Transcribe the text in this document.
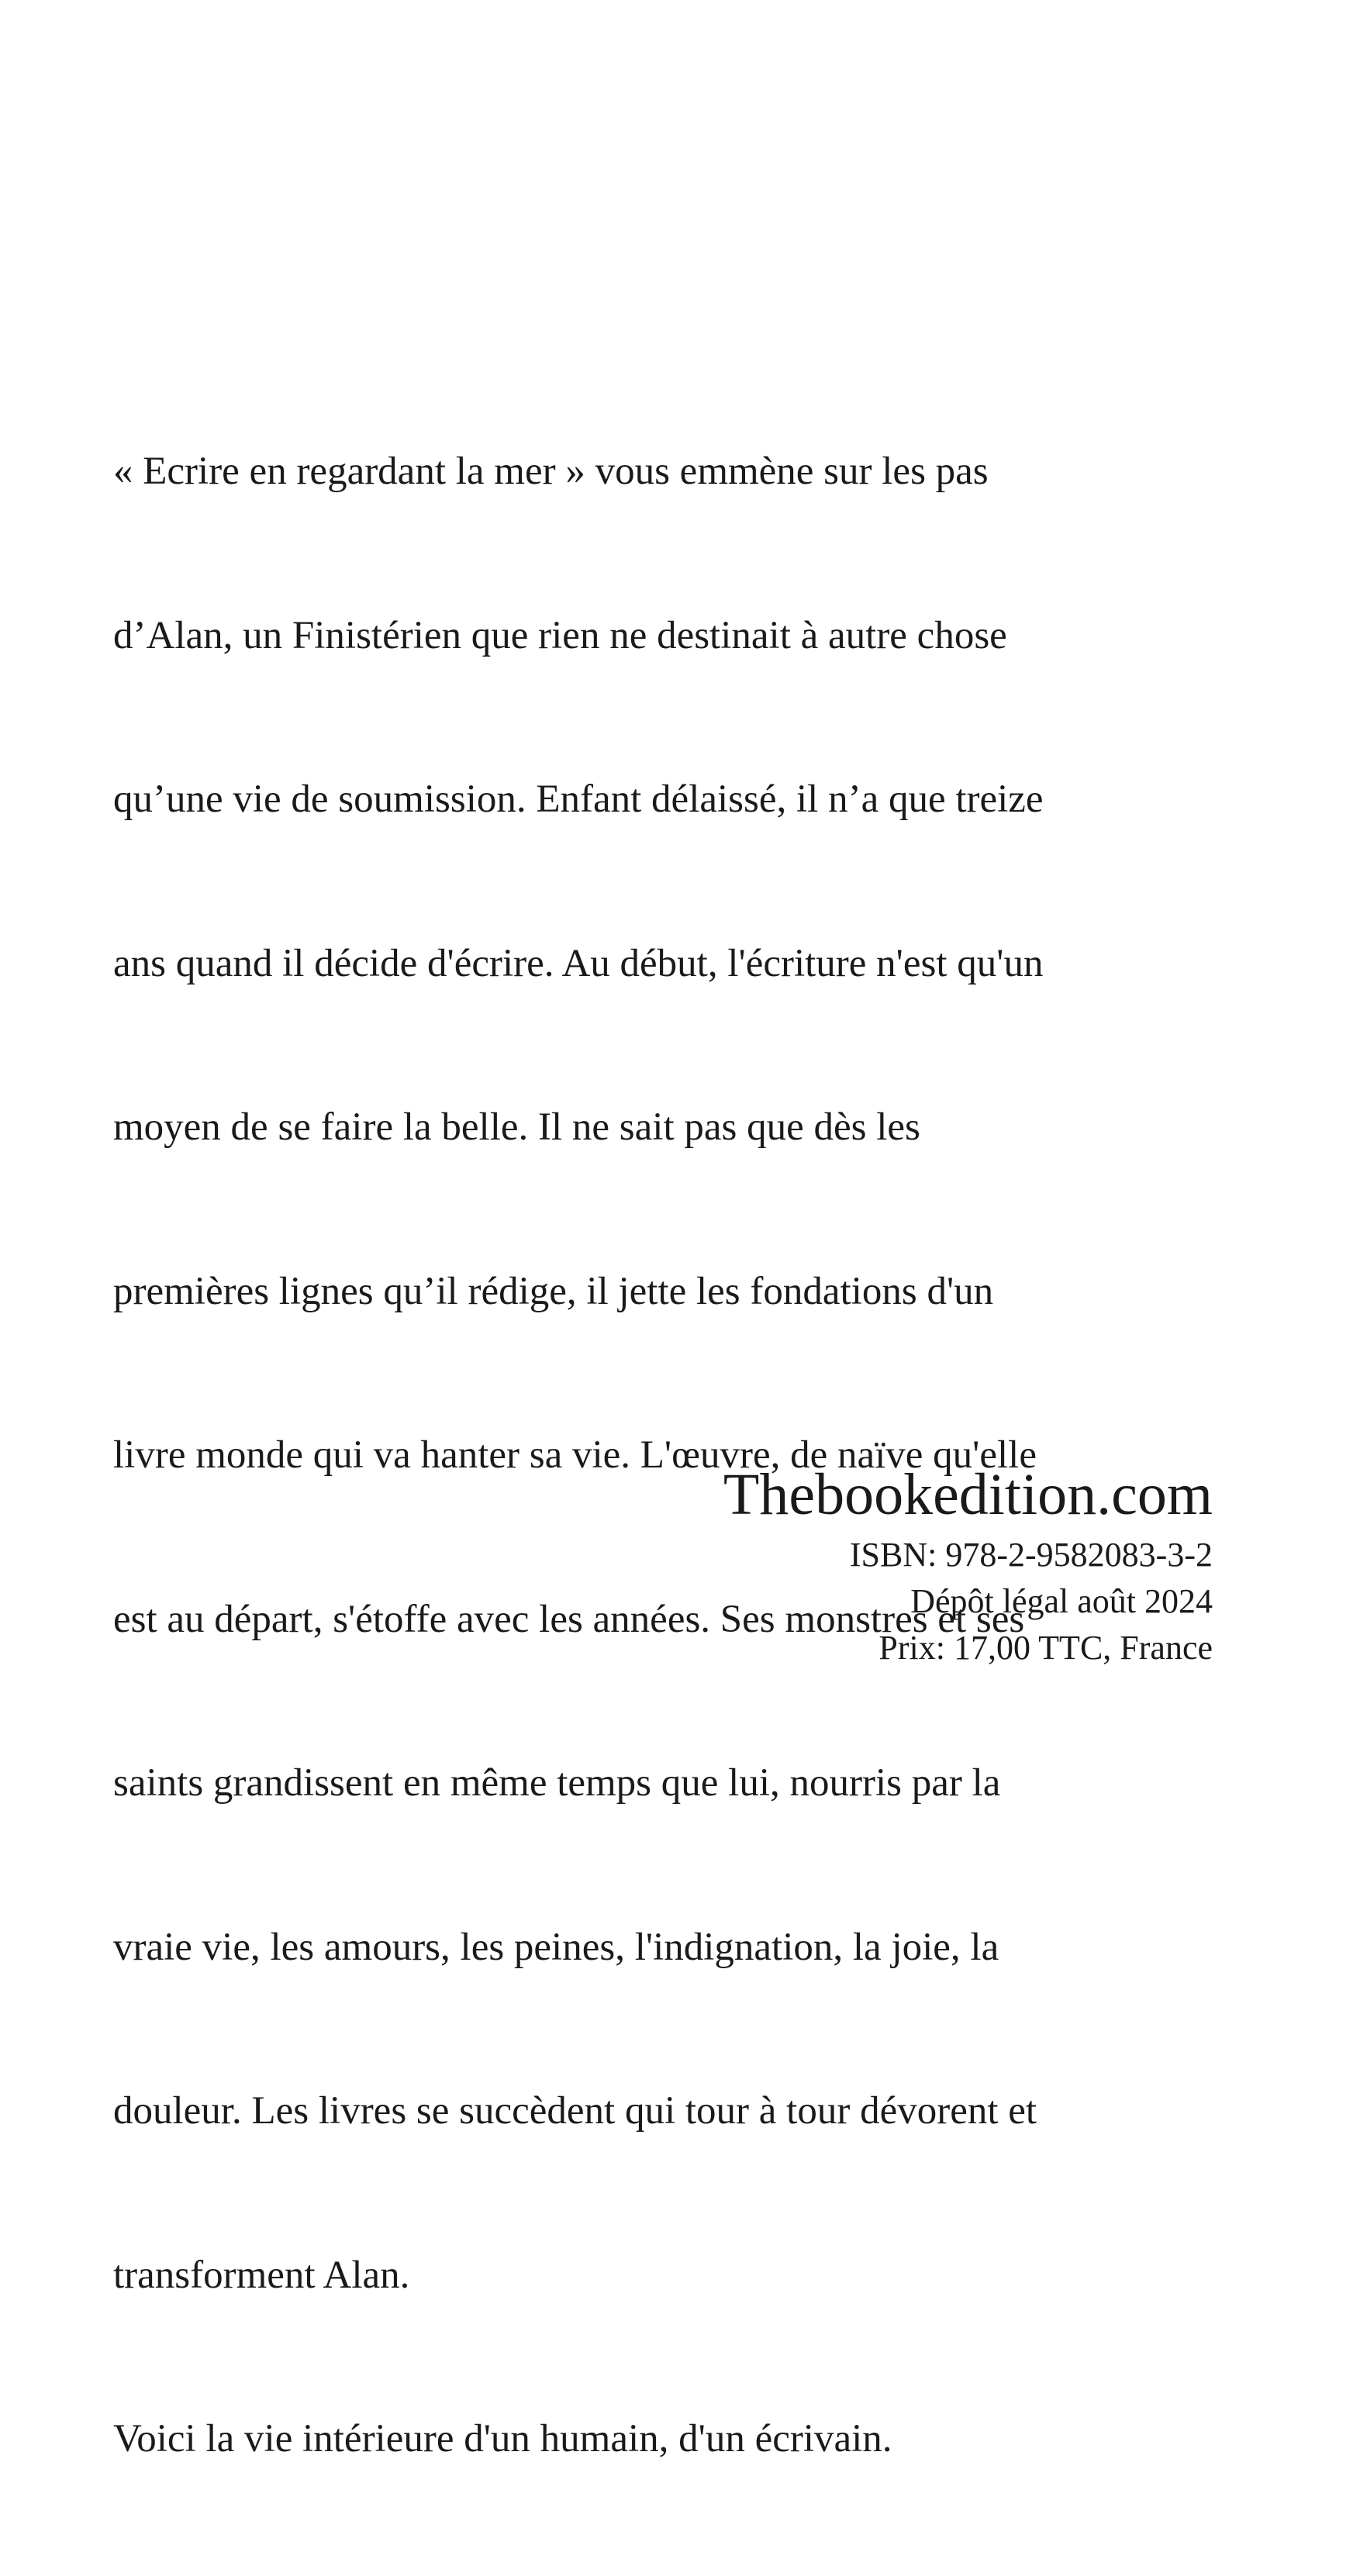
« Ecrire en regardant la mer » vous emmène sur les pas

d’Alan, un Finistérien que rien ne destinait à autre chose

qu’une vie de soumission. Enfant délaissé, il n’a que treize

ans quand il décide d'écrire. Au début, l'écriture n'est qu'un

moyen de se faire la belle. Il ne sait pas que dès les

premières lignes qu’il rédige, il jette les fondations d'un

livre monde qui va hanter sa vie. L'œuvre, de naïve qu'elle

est au départ, s'étoffe avec les années. Ses monstres et ses

saints grandissent en même temps que lui, nourris par la

vraie vie, les amours, les peines, l'indignation, la joie, la

douleur. Les livres se succèdent qui tour à tour dévorent et

transforment Alan.

Voici la vie intérieure d'un humain, d'un écrivain.

Thebookedition.com
ISBN: 978-2-9582083-3-2
Dépôt légal août 2024
Prix: 17,00 TTC, France
